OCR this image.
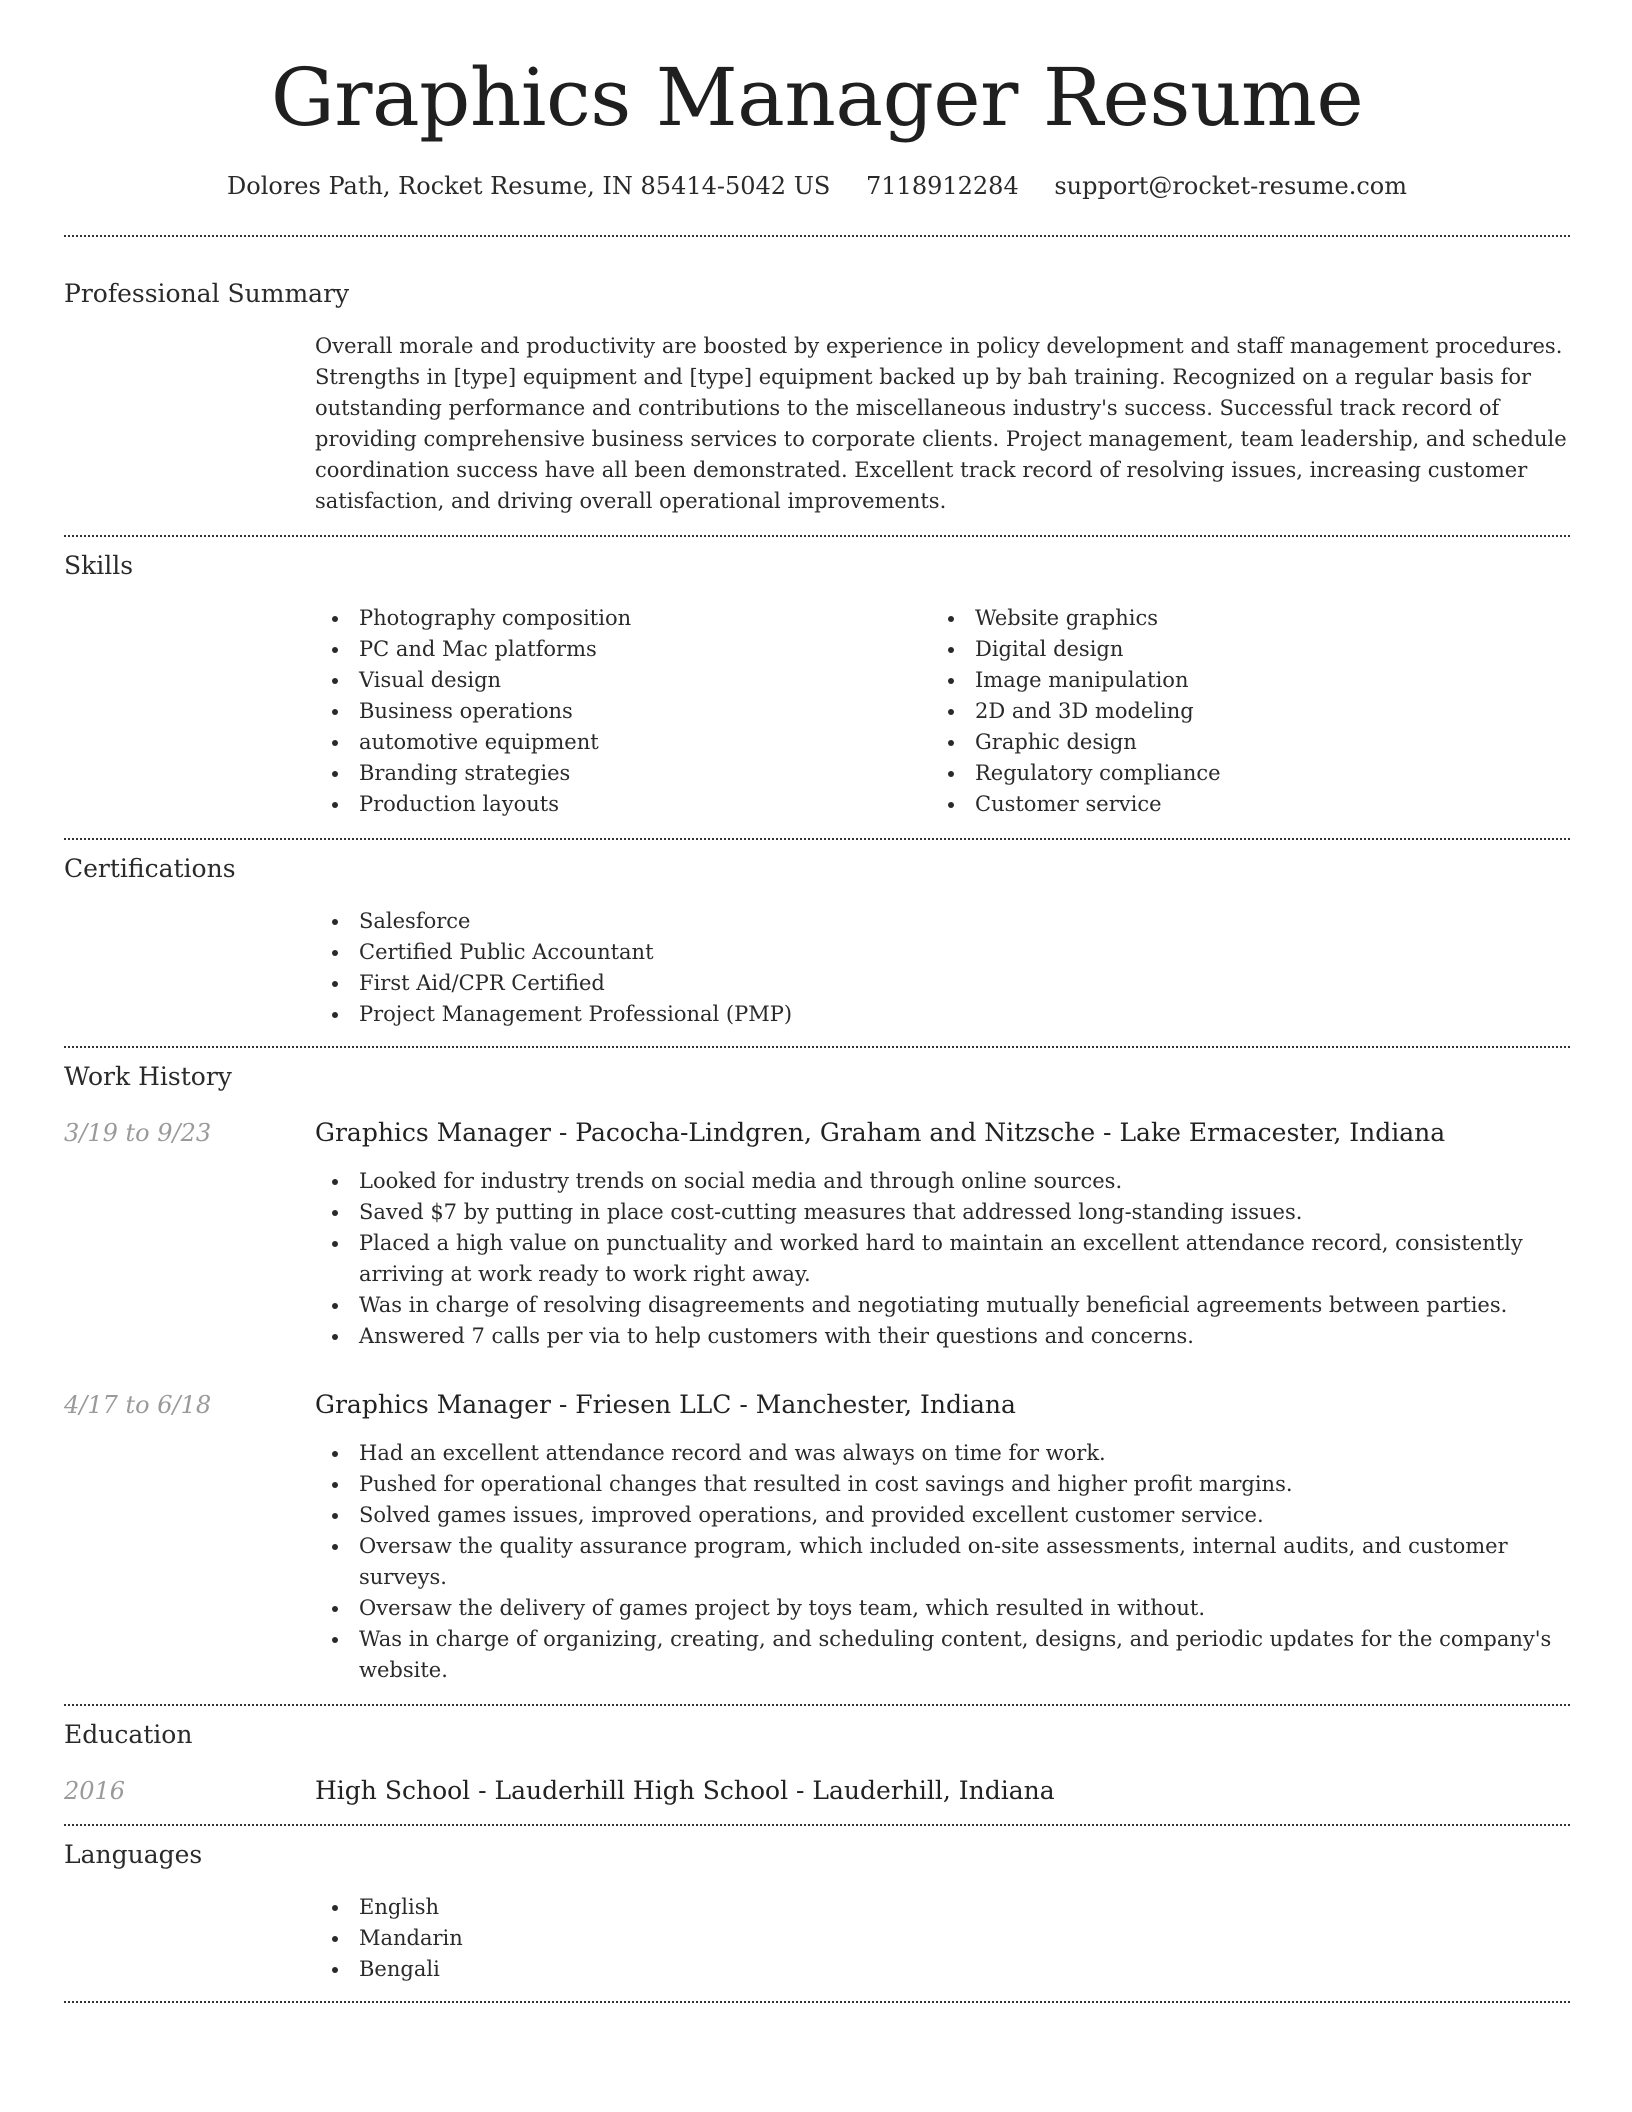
Graphics Manager Resume
Dolores Path, Rocket Resume, IN 85414-5042 US 7118912284 support@rocket-resume.com
Professional Summary

Overall morale and productivity are boosted by experience in policy development and staff management procedures. Strengths in [type] equipment and [type] equipment backed up by bah training. Recognized on a regular basis for outstanding performance and contributions to the miscellaneous industry's success. Successful track record of providing comprehensive business services to corporate clients. Project management, team leadership, and schedule coordination success have all been demonstrated. Excellent track record of resolving issues, increasing customer satisfaction, and driving overall operational improvements.

Skills
Photography composition
PC and Mac platforms
Visual design
Business operations
automotive equipment
Branding strategies
Production layouts
Website graphics
Digital design
Image manipulation
2D and 3D modeling
Graphic design
Regulatory compliance
Customer service
Certifications
Salesforce
Certified Public Accountant
First Aid/CPR Certified
Project Management Professional (PMP)
Work History
3/19 to 9/23	Graphics Manager - Pacocha-Lindgren, Graham and Nitzsche - Lake Ermacester, Indiana
Looked for industry trends on social media and through online sources.
Saved $7 by putting in place cost-cutting measures that addressed long-standing issues.
Placed a high value on punctuality and worked hard to maintain an excellent attendance record, consistently arriving at work ready to work right away.
Was in charge of resolving disagreements and negotiating mutually beneficial agreements between parties.
Answered 7 calls per via to help customers with their questions and concerns.
4/17 to 6/18	Graphics Manager - Friesen LLC - Manchester, Indiana
Had an excellent attendance record and was always on time for work.
Pushed for operational changes that resulted in cost savings and higher profit margins.
Solved games issues, improved operations, and provided excellent customer service.
Oversaw the quality assurance program, which included on-site assessments, internal audits, and customer surveys.
Oversaw the delivery of games project by toys team, which resulted in without.
Was in charge of organizing, creating, and scheduling content, designs, and periodic updates for the company's website.
Education
2016	High School - Lauderhill High School - Lauderhill, Indiana
Languages
English
Mandarin
Bengali
